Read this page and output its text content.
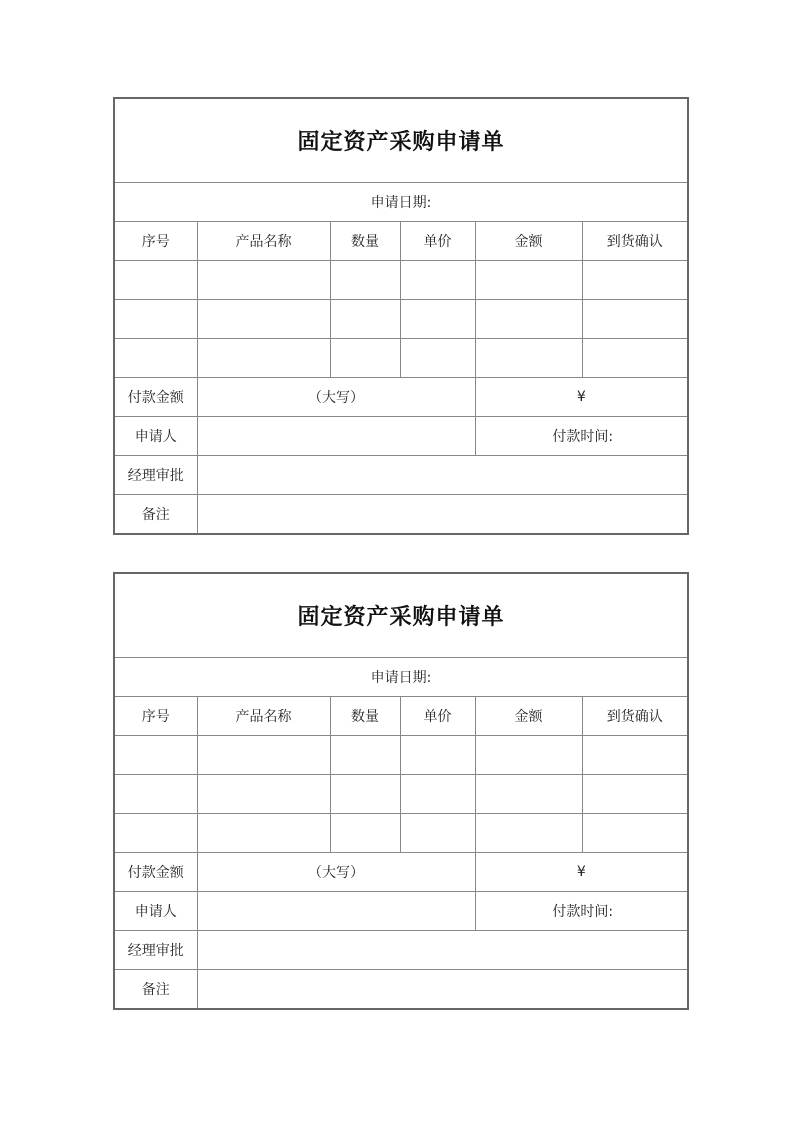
固定资产采购申请单					
申请日期:					
序号	产品名称	数量	单价	金额	到货确认

付款金额	（大写）			¥	
申请人				付款时间:	
经理审批					
备注					
固定资产采购申请单					
申请日期:					
序号	产品名称	数量	单价	金额	到货确认

付款金额	（大写）			¥	
申请人				付款时间:	
经理审批					
备注					
